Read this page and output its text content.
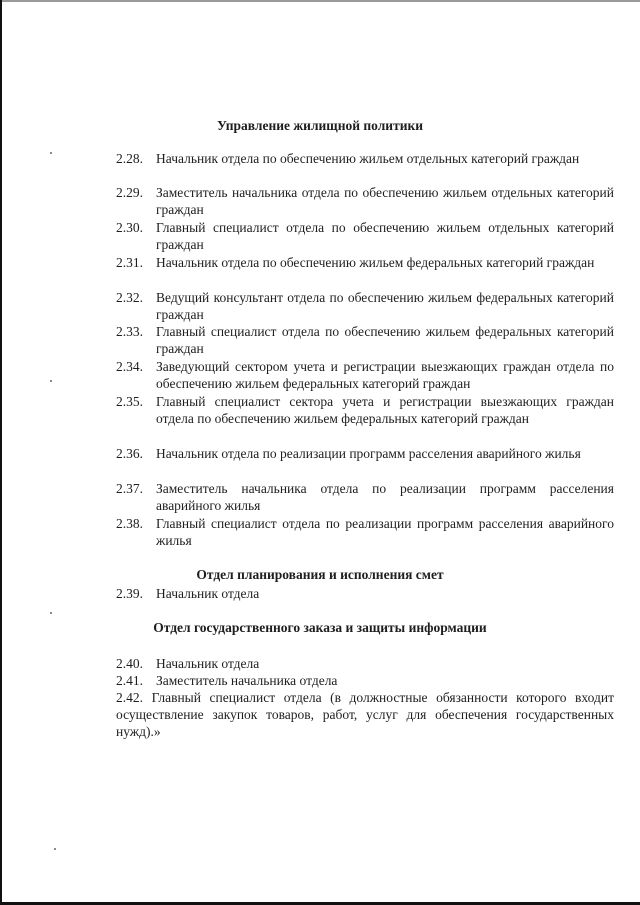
Управление жилищной политики
2.28. Начальник отдела по обеспечению жильем отдельных категорий граждан
2.29. Заместитель начальника отдела по обеспечению жильем отдельных категорий граждан
2.30. Главный специалист отдела по обеспечению жильем отдельных категорий граждан
2.31. Начальник отдела по обеспечению жильем федеральных категорий граждан
2.32. Ведущий консультант отдела по обеспечению жильем федеральных категорий граждан
2.33. Главный специалист отдела по обеспечению жильем федеральных категорий граждан
2.34. Заведующий сектором учета и регистрации выезжающих граждан отдела по обеспечению жильем федеральных категорий граждан
2.35. Главный специалист сектора учета и регистрации выезжающих граждан отдела по обеспечению жильем федеральных категорий граждан
2.36. Начальник отдела по реализации программ расселения аварийного жилья
2.37. Заместитель начальника отдела по реализации программ расселения аварийного жилья
2.38. Главный специалист отдела по реализации программ расселения аварийного жилья
Отдел планирования и исполнения смет
2.39. Начальник отдела
Отдел государственного заказа и защиты информации
2.40. Начальник отдела
2.41. Заместитель начальника отдела
2.42. Главный специалист отдела (в должностные обязанности которого входит осуществление закупок товаров, работ, услуг для обеспечения государственных нужд).»
